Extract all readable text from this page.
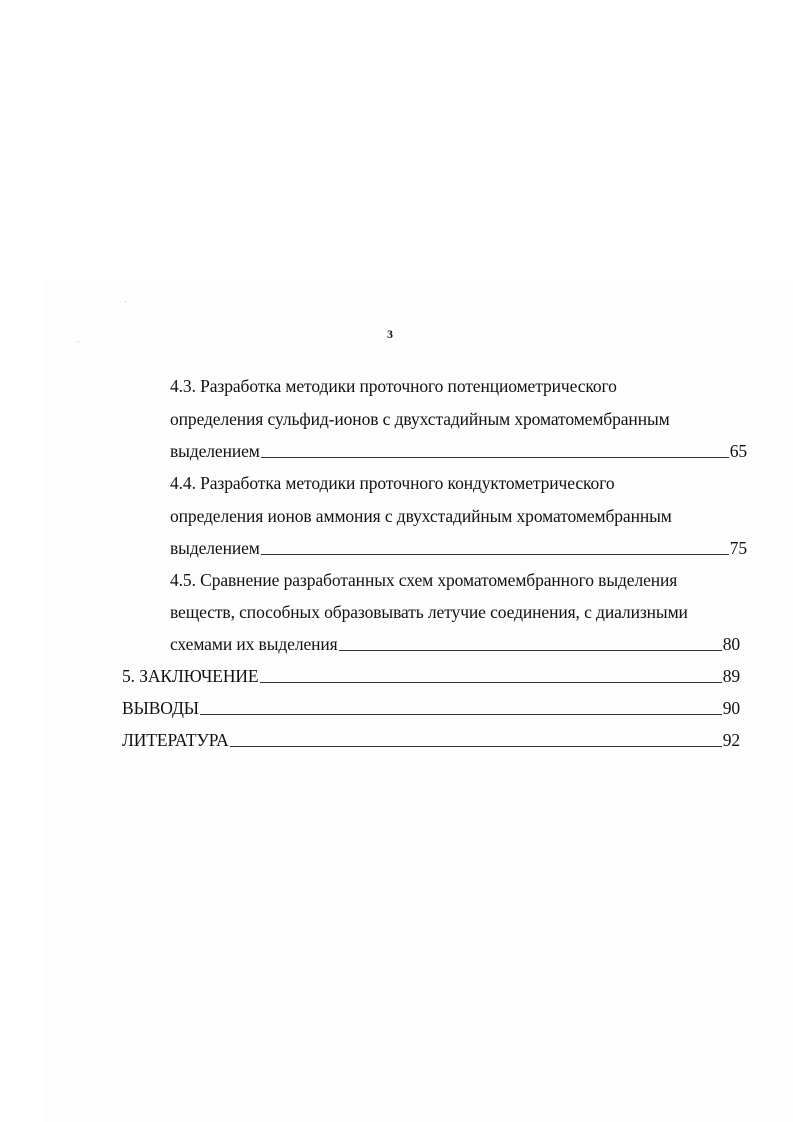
3
4.3. Разработка методики проточного потенциометрического
определения сульфид-ионов с двухстадийным хроматомембранным
выделением	65
4.4. Разработка методики проточного кондуктометрического
определения ионов аммония с двухстадийным хроматомембранным
выделением	75
4.5. Сравнение разработанных схем хроматомембранного выделения
веществ, способных образовывать летучие соединения, с диализными
схемами их выделения	80
5. ЗАКЛЮЧЕНИЕ	89
ВЫВОДЫ	90
ЛИТЕРАТУРА	92
